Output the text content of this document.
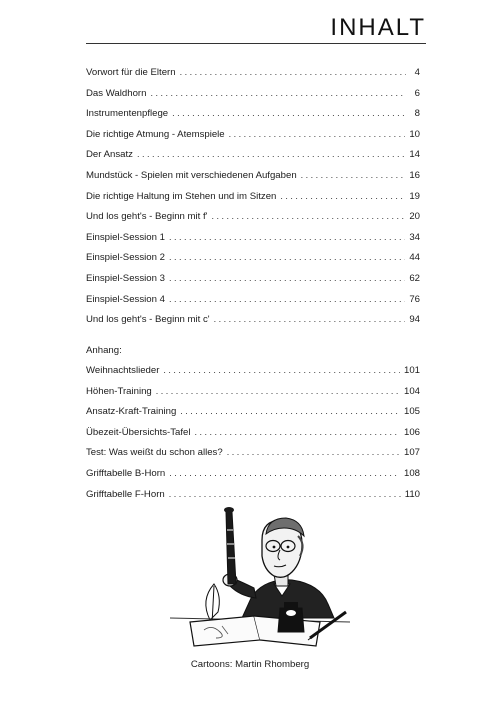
INHALT
Vorwort für die Eltern . . .	4
Das Waldhorn . . .	6
Instrumentenpflege . . .	8
Die richtige Atmung - Atemspiele . . .	10
Der Ansatz . . .	14
Mundstück - Spielen mit verschiedenen Aufgaben . . .	16
Die richtige Haltung im Stehen und im Sitzen . . .	19
Und los geht's - Beginn mit f' . . .	20
Einspiel-Session 1 . . .	34
Einspiel-Session 2 . . .	44
Einspiel-Session 3 . . .	62
Einspiel-Session 4 . . .	76
Und los geht's - Beginn mit c' . . .	94
Anhang:
Weihnachtslieder . . .	101
Höhen-Training . . .	104
Ansatz-Kraft-Training . . .	105
Übezeit-Übersichts-Tafel . . .	106
Test: Was weißt du schon alles? . . .	107
Grifftabelle B-Horn . . .	108
Grifftabelle F-Horn . . .	110
Cartoons: Martin Rhomberg
